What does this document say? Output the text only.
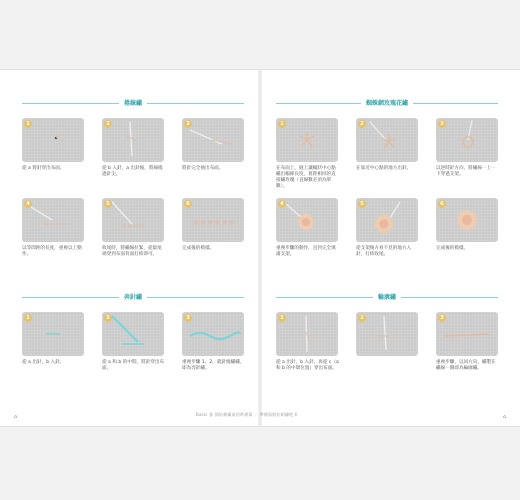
捲線繡
1
從 a 將針穿出布面。
2
從 b 入針，a 出針後，將線繞過針尖。
3
將針完全抽出布面。
4
以等間距的長度，重複以上動作。
5
收尾時，將繡線拉緊，從最尾端穿到布面背面打結即可。
6
完成後的模樣。
奔針繡
1
從 a 出針，b 入針。
2
從 a 和 b 的中間，將針穿出布面。
3
重複步驟 1、2，就針繞繡繡，即為奔針繡。
⌂
蜘蛛網玫瑰花繡
1
在布面上，縫上讓輻狀中心點繡出輻條長度，寬距相同的直接繡玫瑰（直線數必須為單數）。
2
在靠近中心點的地方出針。
3
以逆時針方向，將繡線一上一下穿過支架。
4
重複步驟的動作，直到完全填滿支架。
5
從支架後方看不見的地方入針，打結收尾。
6
完成後的模樣。
輪廓繡
1
從 a 出針，b 入針，再從 c（a 和 b 的中間位置）穿出布面。
2	3
重複步驟，以同方向，繡製在繡線一側即為輪廓繡。
⌂
Basic 基 開始刺繡前的準備篇 ｜ 準備與開始刺繡吧 Ⅱ
